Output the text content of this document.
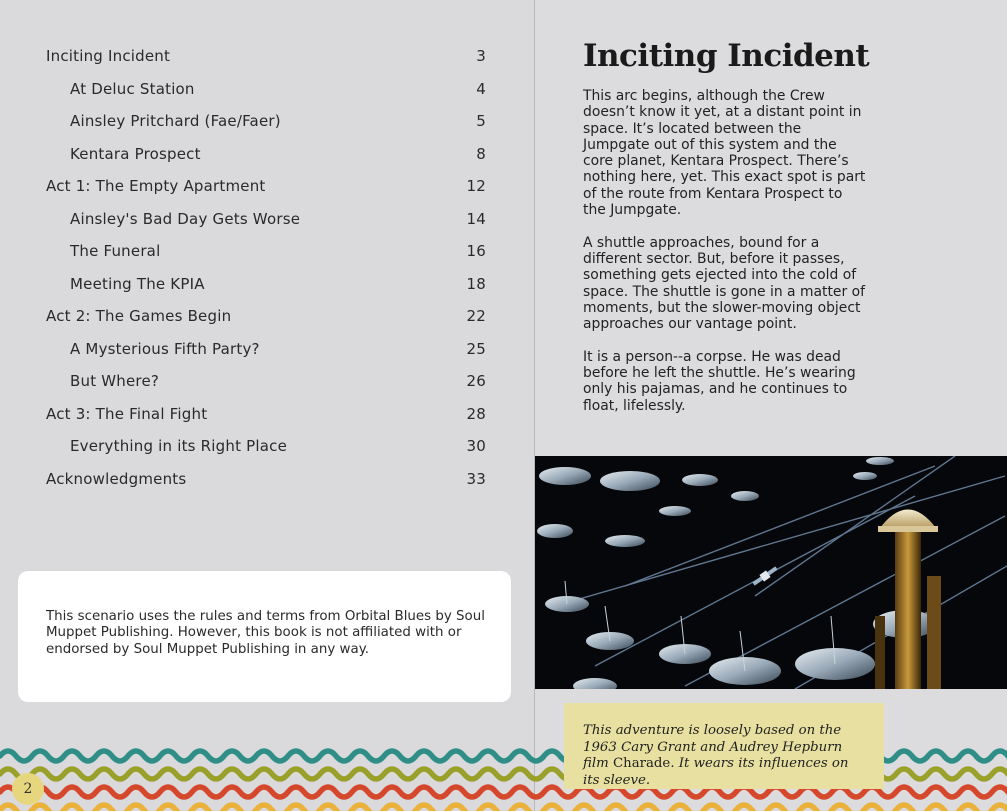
Inciting Incident	3
At Deluc Station	4
Ainsley Pritchard (Fae/Faer)	5
Kentara Prospect	8
Act 1: The Empty Apartment	12
Ainsley's Bad Day Gets Worse	14
The Funeral	16
Meeting The KPIA	18
Act 2: The Games Begin	22
A Mysterious Fifth Party?	25
But Where?	26
Act 3: The Final Fight	28
Everything in its Right Place	30
Acknowledgments	33
This scenario uses the rules and terms from Orbital Blues by Soul Muppet Publishing. However, this book is not affiliated with or endorsed by Soul Muppet Publishing in any way.
Inciting Incident

This arc begins, although the Crew doesn’t know it yet, at a distant point in space. It’s located between the Jumpgate out of this system and the core planet, Kentara Prospect. There’s nothing here, yet. This exact spot is part of the route from Kentara Prospect to the Jumpgate.

A shuttle approaches, bound for a different sector. But, before it passes, something gets ejected into the cold of space. The shuttle is gone in a matter of moments, but the slower-moving object approaches our vantage point.

It is a person--a corpse. He was dead before he left the shuttle. He’s wearing only his pajamas, and he continues to float, lifelessly.

This adventure is loosely based on the 1963 Cary Grant and Audrey Hepburn film Charade. It wears its influences on its sleeve.
2
